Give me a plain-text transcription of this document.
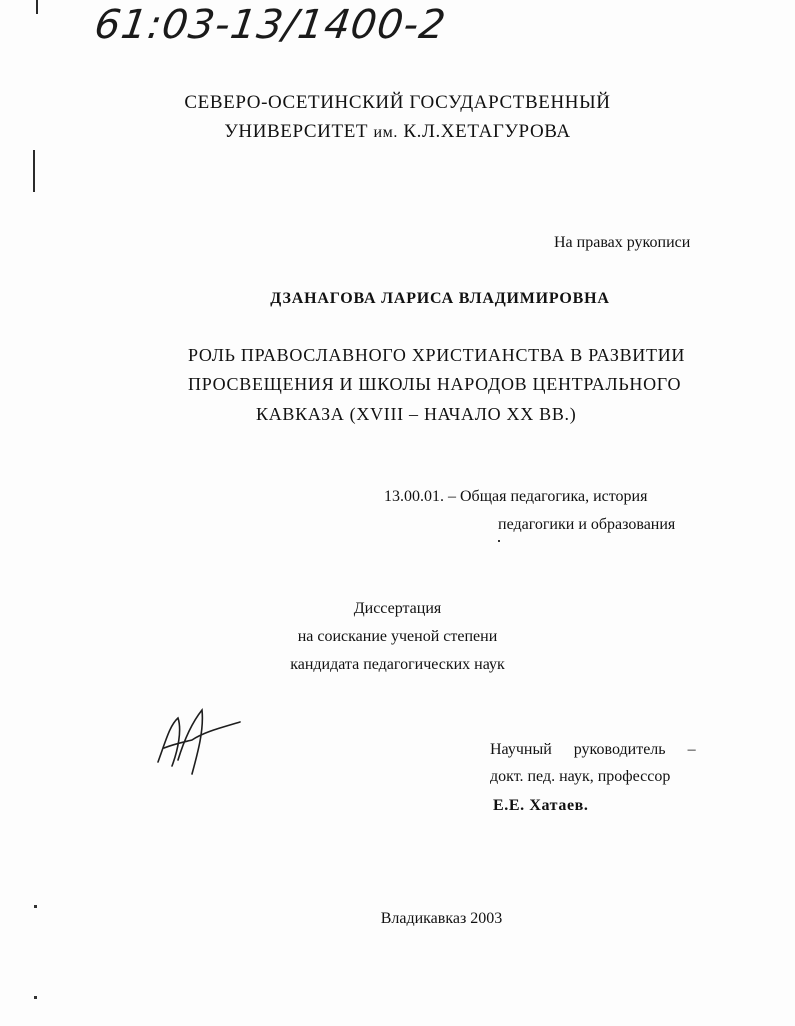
61:03-13/1400-2
СЕВЕРО-ОСЕТИНСКИЙ ГОСУДАРСТВЕННЫЙ
УНИВЕРСИТЕТ им. К.Л.ХЕТАГУРОВА
На правах рукописи
ДЗАНАГОВА ЛАРИСА ВЛАДИМИРОВНА
РОЛЬ ПРАВОСЛАВНОГО ХРИСТИАНСТВА В РАЗВИТИИ
ПРОСВЕЩЕНИЯ И ШКОЛЫ НАРОДОВ ЦЕНТРАЛЬНОГО
КАВКАЗА (XVIII – НАЧАЛО XX ВВ.)
13.00.01. – Общая педагогика, история
педагогики и образования
Диссертация
на соискание ученой степени
кандидата педагогических наук
Научный руководитель –
докт. пед. наук, профессор
Е.Е. Хатаев.
Владикавказ 2003
